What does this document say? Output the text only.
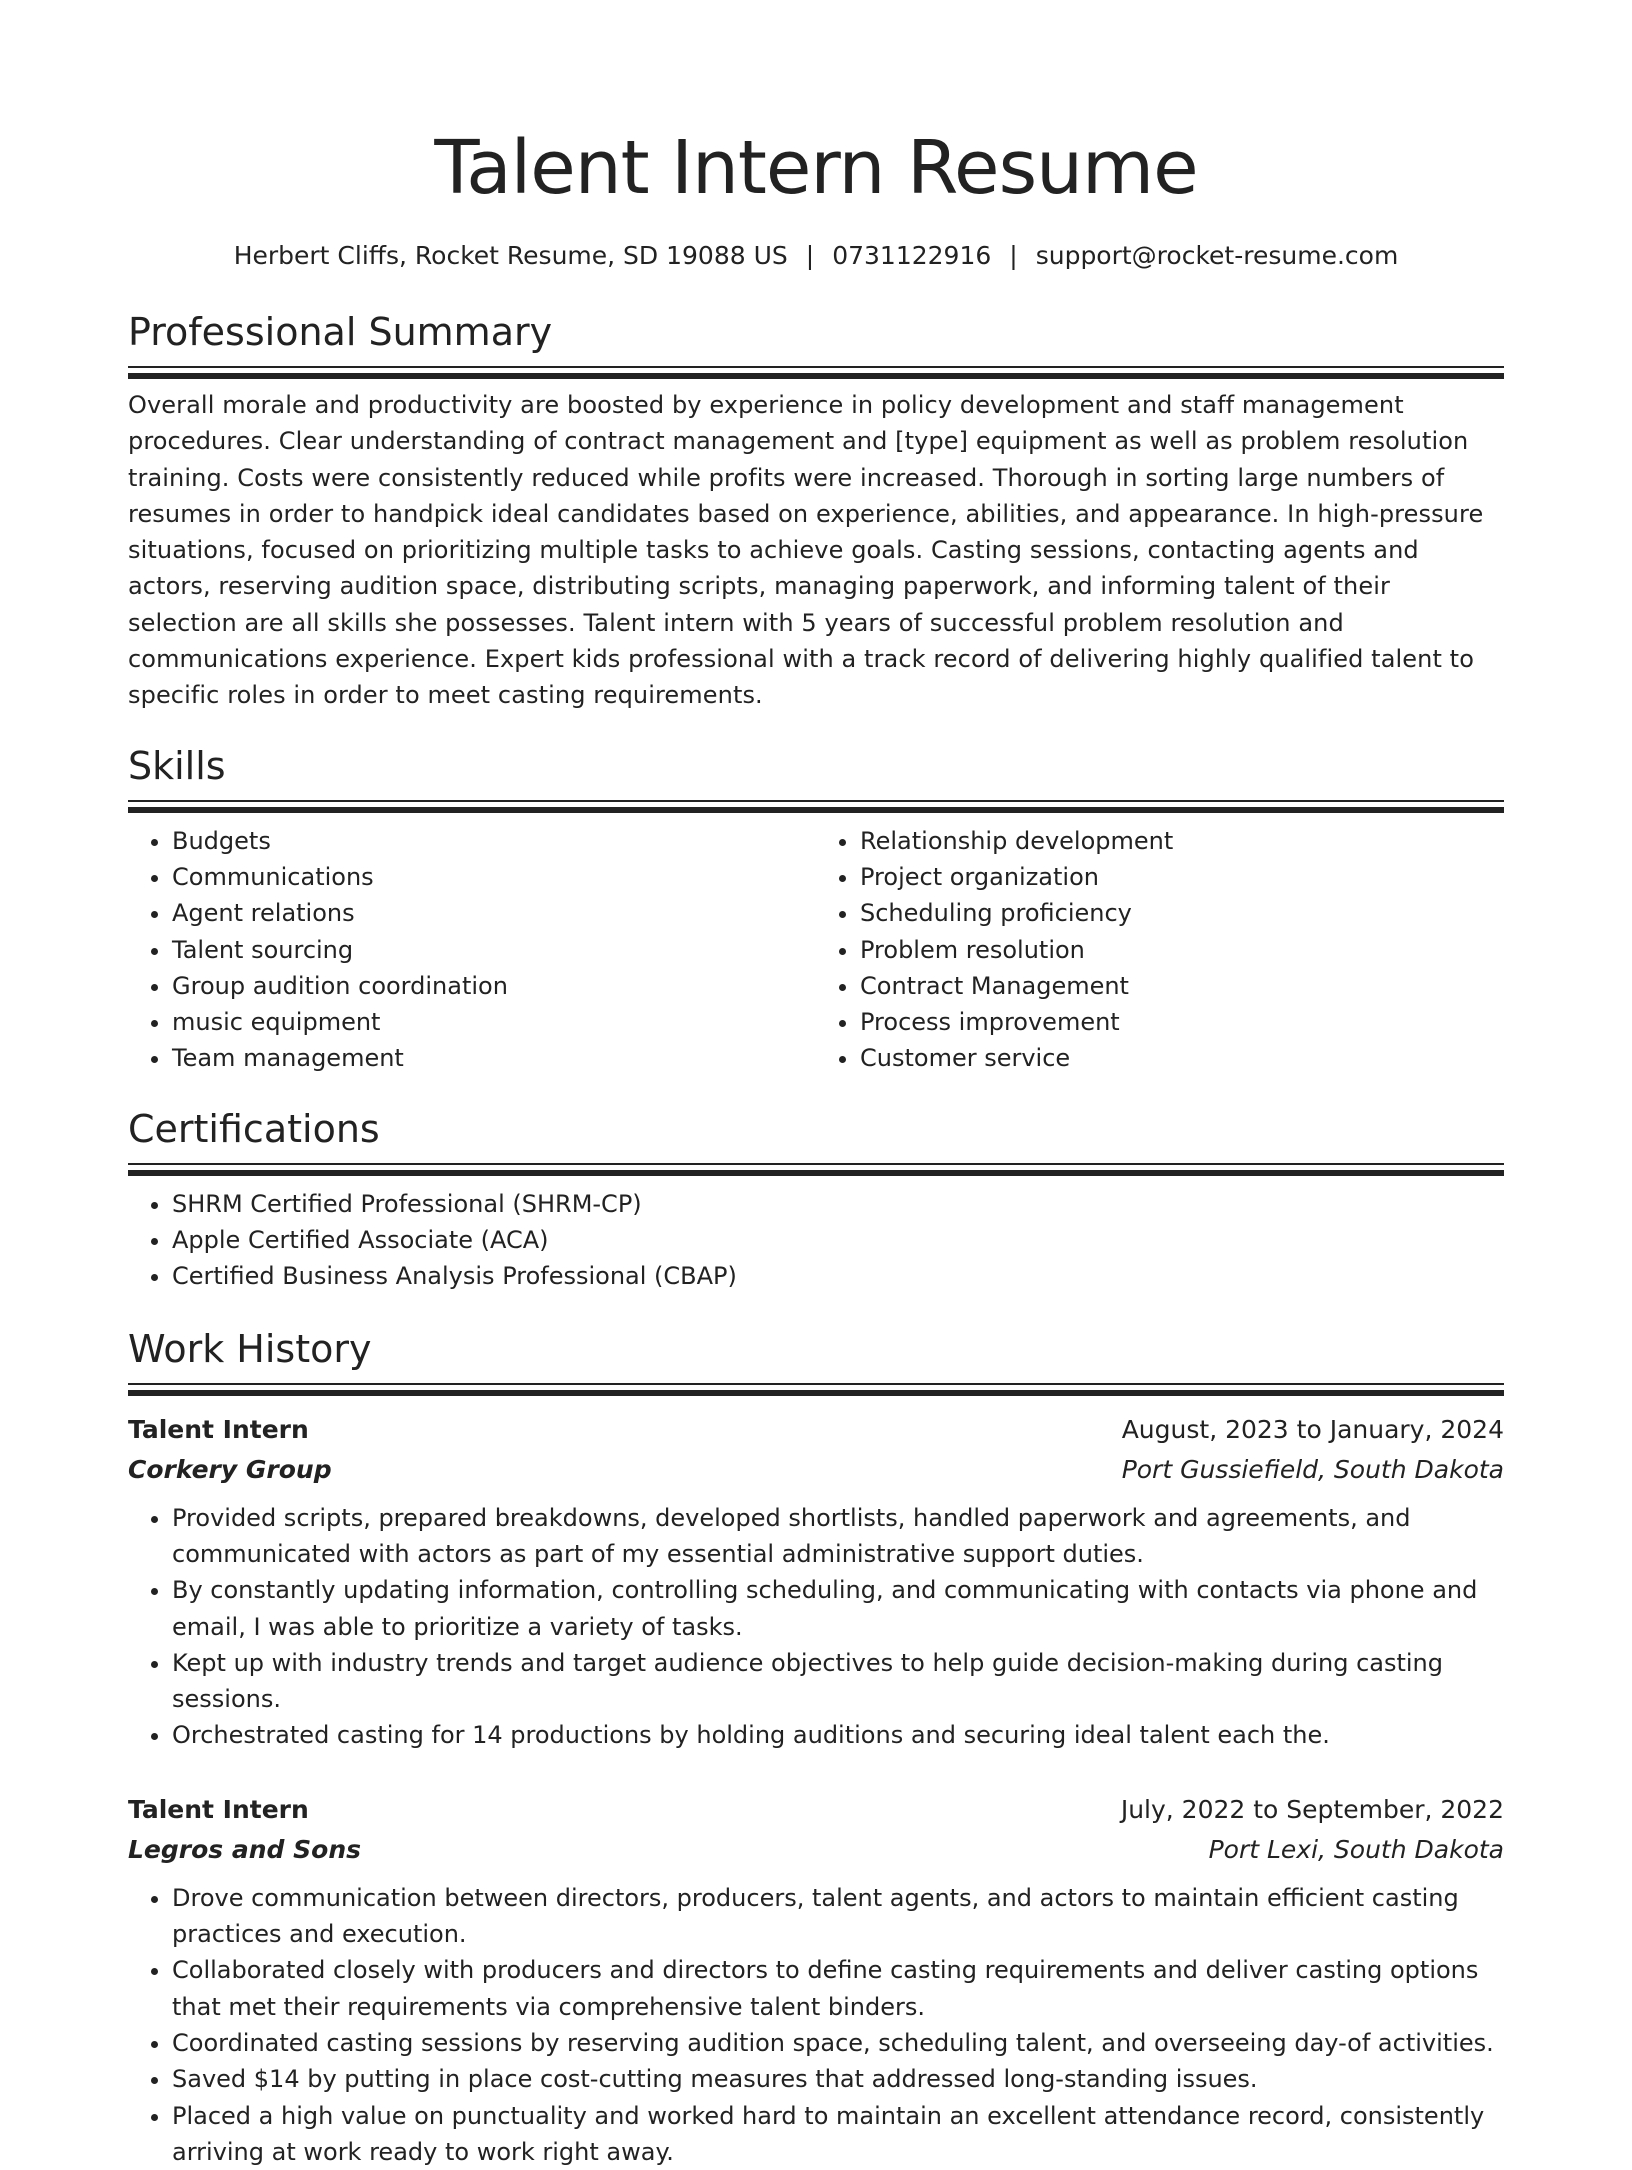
Talent Intern Resume
Herbert Cliffs, Rocket Resume, SD 19088 US | 0731122916 | support@rocket-resume.com
Professional Summary
Overall morale and productivity are boosted by experience in policy development and staff management procedures. Clear understanding of contract management and [type] equipment as well as problem resolution training. Costs were consistently reduced while profits were increased. Thorough in sorting large numbers of resumes in order to handpick ideal candidates based on experience, abilities, and appearance. In high-pressure situations, focused on prioritizing multiple tasks to achieve goals. Casting sessions, contacting agents and actors, reserving audition space, distributing scripts, managing paperwork, and informing talent of their selection are all skills she possesses. Talent intern with 5 years of successful problem resolution and communications experience. Expert kids professional with a track record of delivering highly qualified talent to specific roles in order to meet casting requirements.
Skills
• Budgets
• Communications
• Agent relations
• Talent sourcing
• Group audition coordination
• music equipment
• Team management
• Relationship development
• Project organization
• Scheduling proficiency
• Problem resolution
• Contract Management
• Process improvement
• Customer service
Certifications
• SHRM Certified Professional (SHRM-CP)
• Apple Certified Associate (ACA)
• Certified Business Analysis Professional (CBAP)
Work History
Talent Intern	August, 2023 to January, 2024
Corkery Group	Port Gussiefield, South Dakota
• Provided scripts, prepared breakdowns, developed shortlists, handled paperwork and agreements, and communicated with actors as part of my essential administrative support duties.
• By constantly updating information, controlling scheduling, and communicating with contacts via phone and email, I was able to prioritize a variety of tasks.
• Kept up with industry trends and target audience objectives to help guide decision-making during casting sessions.
• Orchestrated casting for 14 productions by holding auditions and securing ideal talent each the.
Talent Intern	July, 2022 to September, 2022
Legros and Sons	Port Lexi, South Dakota
• Drove communication between directors, producers, talent agents, and actors to maintain efficient casting practices and execution.
• Collaborated closely with producers and directors to define casting requirements and deliver casting options that met their requirements via comprehensive talent binders.
• Coordinated casting sessions by reserving audition space, scheduling talent, and overseeing day-of activities.
• Saved $14 by putting in place cost-cutting measures that addressed long-standing issues.
• Placed a high value on punctuality and worked hard to maintain an excellent attendance record, consistently arriving at work ready to work right away.
